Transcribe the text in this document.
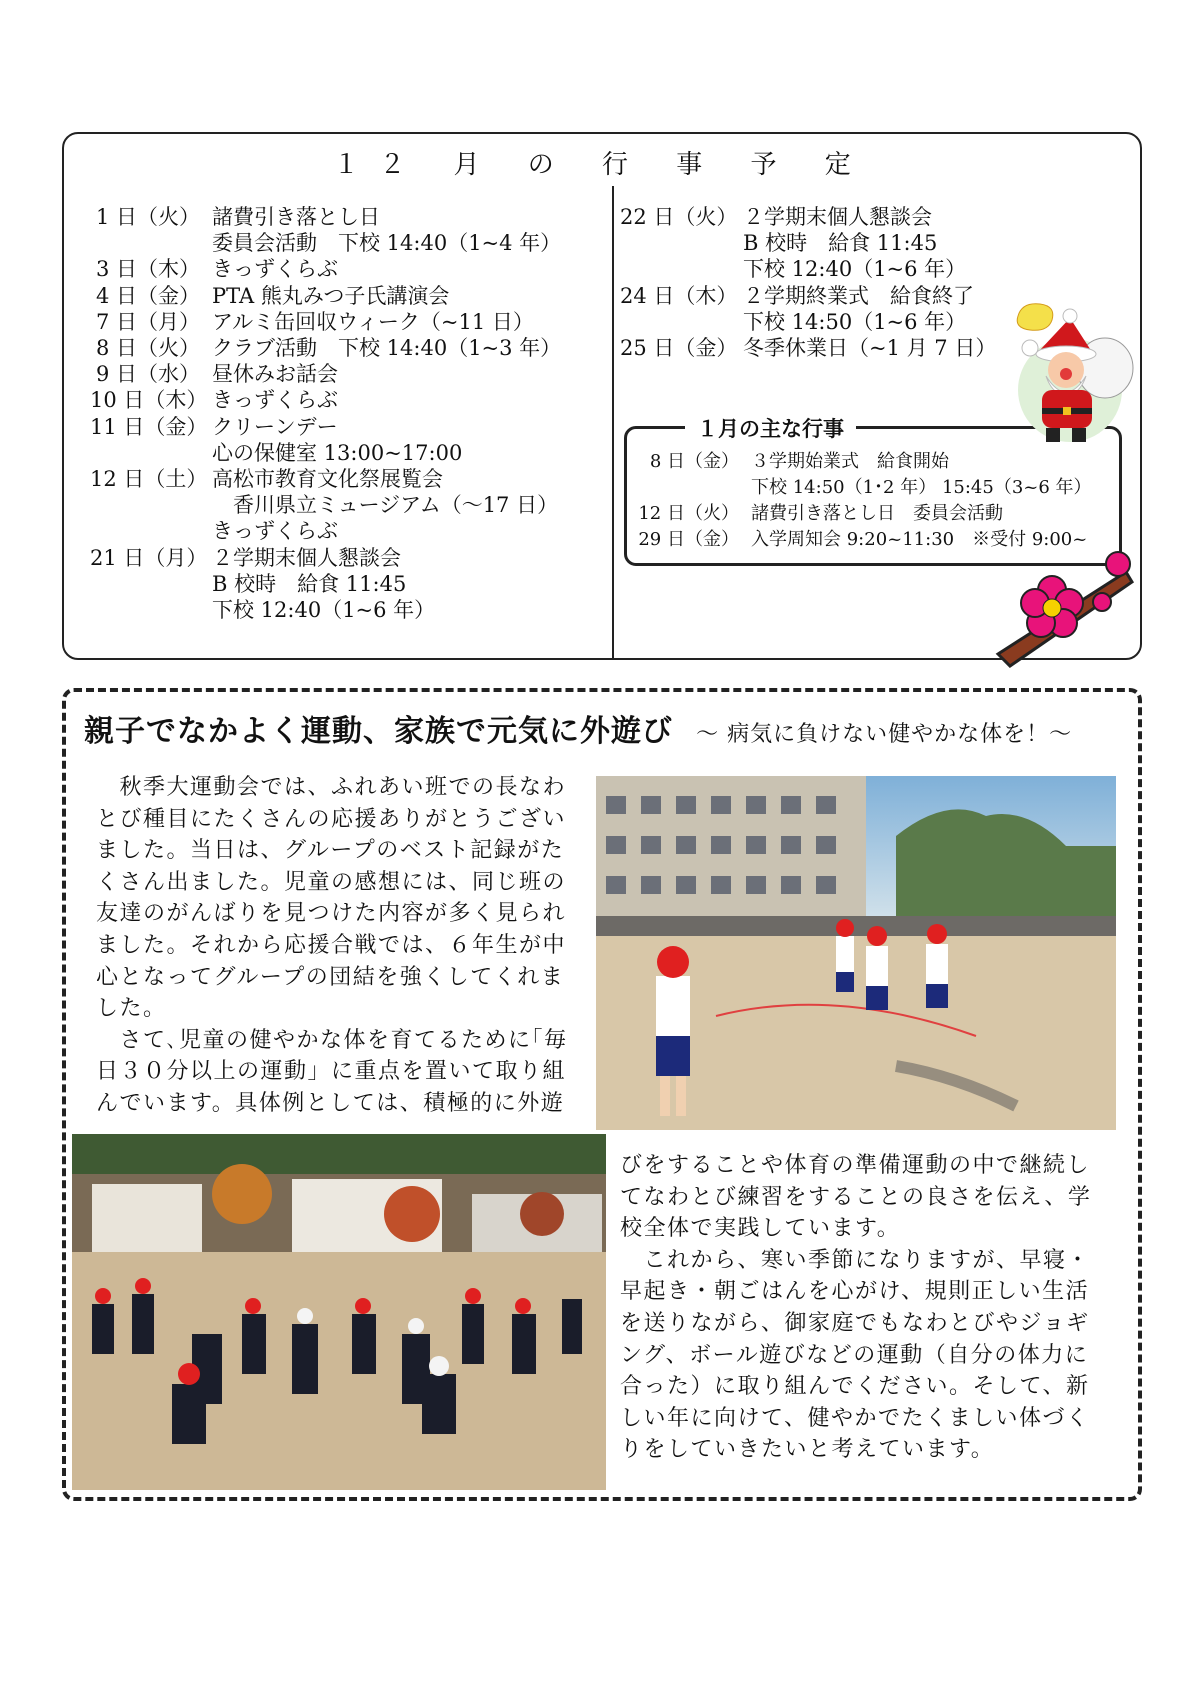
１２ 月 の 行 事 予 定
1 日（火） 諸費引き落とし日
委員会活動　下校 14:40（1~4 年）
3 日（木） きっずくらぶ
4 日（金） PTA 熊丸みつ子氏講演会
7 日（月） アルミ缶回収ウィーク（~11 日）
8 日（火） クラブ活動　下校 14:40（1~3 年）
9 日（水） 昼休みお話会
10 日（木） きっずくらぶ
11 日（金） クリーンデー
心の保健室 13:00~17:00
12 日（土） 高松市教育文化祭展覧会
　香川県立ミュージアム（～17 日）
きっずくらぶ
21 日（月） ２学期末個人懇談会
B 校時　給食 11:45
下校 12:40（1~6 年）
22 日（火） ２学期末個人懇談会
B 校時　給食 11:45
下校 12:40（1~6 年）
24 日（木） ２学期終業式　給食終了
下校 14:50（1~6 年）
25 日（金） 冬季休業日（~1 月 7 日）
１月の主な行事
8 日（金） ３学期始業式　給食開始
下校 14:50（1･2 年） 15:45（3~6 年）
12 日（火） 諸費引き落とし日　委員会活動
29 日（金） 入学周知会 9:20~11:30　※受付 9:00~
親子でなかよく運動、家族で元気に外遊び ～ 病気に負けない健やかな体を！～
　秋季大運動会では、ふれあい班での長なわ
とび種目にたくさんの応援ありがとうござい
ました。当日は、グループのベスト記録がた
くさん出ました。児童の感想には、同じ班の
友達のがんばりを見つけた内容が多く見られ
ました。それから応援合戦では、６年生が中
心となってグループの団結を強くしてくれま
した。
　さて､児童の健やかな体を育てるために｢毎
日３０分以上の運動」に重点を置いて取り組
んでいます。具体例としては、積極的に外遊
びをすることや体育の準備運動の中で継続し
てなわとび練習をすることの良さを伝え、学
校全体で実践しています。
　これから、寒い季節になりますが、早寝・
早起き・朝ごはんを心がけ、規則正しい生活
を送りながら、御家庭でもなわとびやジョギ
ング、ボール遊びなどの運動（自分の体力に
合った）に取り組んでください。そして、新
しい年に向けて、健やかでたくましい体づく
りをしていきたいと考えています。
